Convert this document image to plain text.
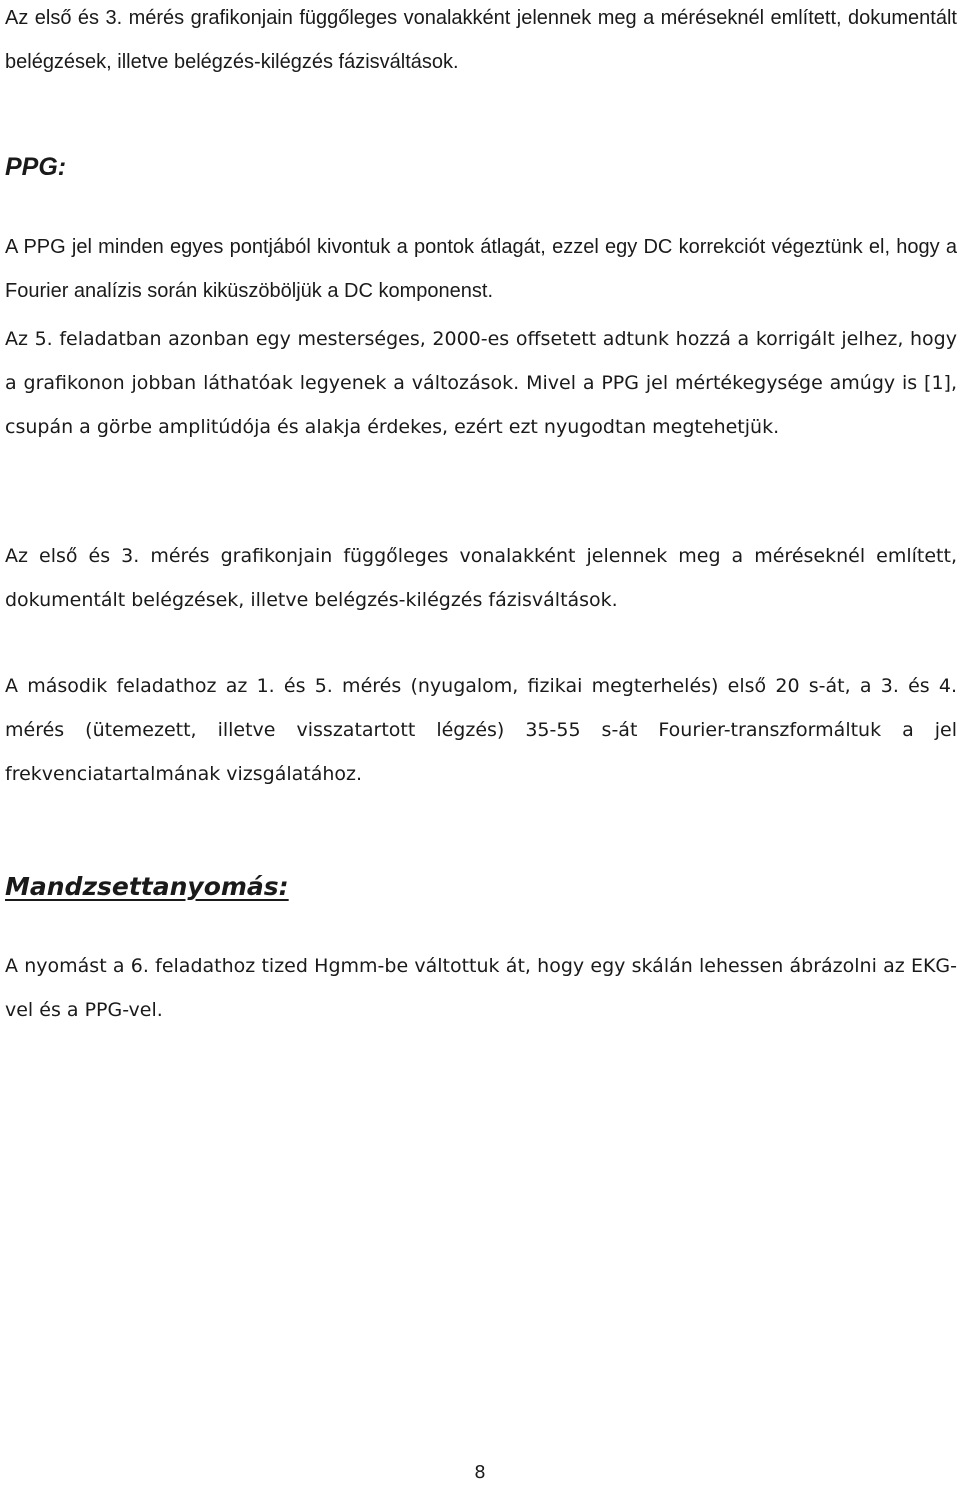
Az első és 3. mérés grafikonjain függőleges vonalakként jelennek meg a méréseknél említett, dokumentált belégzések, illetve belégzés-kilégzés fázisváltások.

PPG:

A PPG jel minden egyes pontjából kivontuk a pontok átlagát, ezzel egy DC korrekciót végeztünk el, hogy a Fourier analízis során kiküszöböljük a DC komponenst.

Az 5. feladatban azonban egy mesterséges, 2000-es offsetett adtunk hozzá a korrigált jelhez, hogy a grafikonon jobban láthatóak legyenek a változások. Mivel a PPG jel mértékegysége amúgy is [1], csupán a görbe amplitúdója és alakja érdekes, ezért ezt nyugodtan megtehetjük.

Az első és 3. mérés grafikonjain függőleges vonalakként jelennek meg a méréseknél említett, dokumentált belégzések, illetve belégzés-kilégzés fázisváltások.

A második feladathoz az 1. és 5. mérés (nyugalom, fizikai megterhelés) első 20 s-át, a 3. és 4. mérés (ütemezett, illetve visszatartott légzés) 35-55 s-át Fourier-transzformáltuk a jel frekvenciatartalmának vizsgálatához.

Mandzsettanyomás:

A nyomást a 6. feladathoz tized Hgmm-be váltottuk át, hogy egy skálán lehessen ábrázolni az EKG-vel és a PPG-vel.

8
